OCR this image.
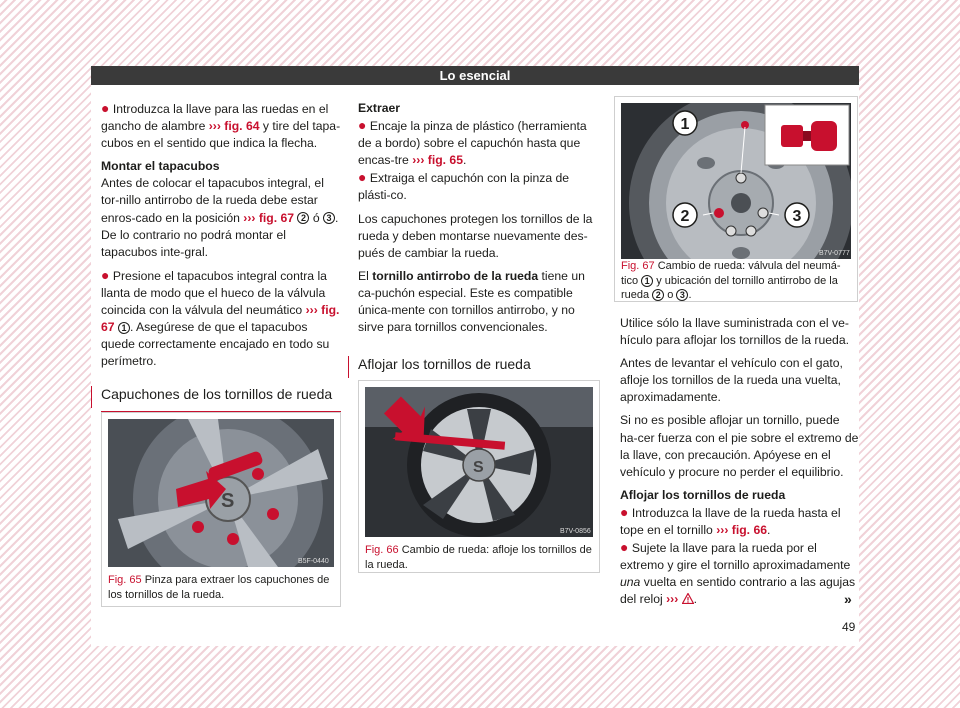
Lo esencial

● Introduzca la llave para las ruedas en el gancho de alambre ››› fig. 64 y tire del tapa-cubos en el sentido que indica la flecha.

Montar el tapacubos

Antes de colocar el tapacubos integral, el tor-nillo antirrobo de la rueda debe estar enros-cado en la posición ››› fig. 67 2 ó 3 . De lo contrario no podrá montar el tapacubos inte-gral.

● Presione el tapacubos integral contra la llanta de modo que el hueco de la válvula coincida con la válvula del neumático ››› fig. 67 1 . Asegúrese de que el tapacubos quede correctamente encajado en todo su perímetro.

Capuchones de los tornillos de rueda
S
B5F-0440
Fig. 65 Pinza para extraer los capuchones de los tornillos de la rueda.

Extraer

● Encaje la pinza de plástico (herramienta de a bordo) sobre el capuchón hasta que encas-tre ››› fig. 65.

● Extraiga el capuchón con la pinza de plásti-co.

Los capuchones protegen los tornillos de la rueda y deben montarse nuevamente des-pués de cambiar la rueda.

El tornillo antirrobo de la rueda tiene un ca-puchón especial. Este es compatible única-mente con tornillos antirrobo, y no sirve para tornillos convencionales.

Aflojar los tornillos de rueda
S
B7V-0856
Fig. 66 Cambio de rueda: afloje los tornillos de la rueda.
1
2	3
B7V-0777
Fig. 67 Cambio de rueda: válvula del neumá-tico 1 y ubicación del tornillo antirrobo de la rueda 2 o 3 .

Utilice sólo la llave suministrada con el ve-hículo para aflojar los tornillos de la rueda.

Antes de levantar el vehículo con el gato, afloje los tornillos de la rueda una vuelta, aproximadamente.

Si no es posible aflojar un tornillo, puede ha-cer fuerza con el pie sobre el extremo de la llave, con precaución. Apóyese en el vehículo y procure no perder el equilibrio.

Aflojar los tornillos de rueda

● Introduzca la llave de la rueda hasta el tope en el tornillo ››› fig. 66.

● Sujete la llave para la rueda por el extremo y gire el tornillo aproximadamente una vuelta en sentido contrario a las agujas del reloj ››› .	»
49
